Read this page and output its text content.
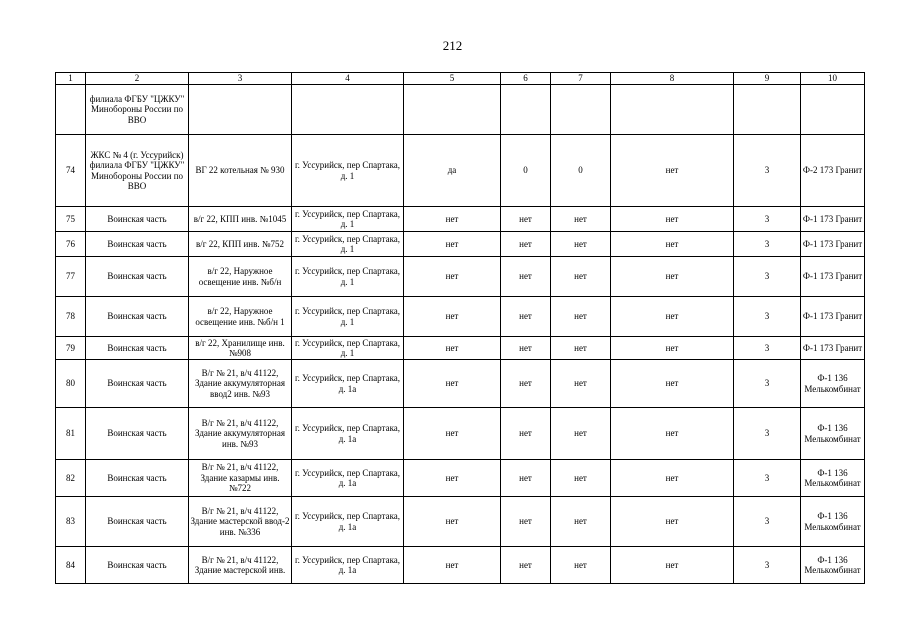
212
1	2	3	4	5	6	7	8	9	10

	филиала ФГБУ "ЦЖКУ" Минобороны России по ВВО								

74	ЖКС № 4 (г. Уссурийск) филиала ФГБУ "ЦЖКУ" Минобороны России по ВВО	ВГ 22 котельная № 930	г. Уссурийск, пер Спартака, д. 1	да	0	0	нет	3	Ф-2 173 Гранит

75	Воинская часть	в/г 22, КПП инв. №1045	г. Уссурийск, пер Спартака, д. 1	нет	нет	нет	нет	3	Ф-1 173 Гранит

76	Воинская часть	в/г 22, КПП инв. №752	г. Уссурийск, пер Спартака, д. 1	нет	нет	нет	нет	3	Ф-1 173 Гранит

77	Воинская часть	в/г 22, Наружное освещение инв. №б/н	г. Уссурийск, пер Спартака, д. 1	нет	нет	нет	нет	3	Ф-1 173 Гранит

78	Воинская часть	в/г 22, Наружное освещение инв. №б/н 1	г. Уссурийск, пер Спартака, д. 1	нет	нет	нет	нет	3	Ф-1 173 Гранит

79	Воинская часть	в/г 22, Хранилище инв. №908	г. Уссурийск, пер Спартака, д. 1	нет	нет	нет	нет	3	Ф-1 173 Гранит

80	Воинская часть	В/г № 21, в/ч 41122, Здание аккумуляторная ввод2 инв. №93	г. Уссурийск, пер Спартака, д. 1а	нет	нет	нет	нет	3	Ф-1 136 Мелькомбинат

81	Воинская часть	В/г № 21, в/ч 41122, Здание аккумуляторная инв. №93	г. Уссурийск, пер Спартака, д. 1а	нет	нет	нет	нет	3	Ф-1 136 Мелькомбинат

82	Воинская часть	В/г № 21, в/ч 41122, Здание казармы инв. №722	г. Уссурийск, пер Спартака, д. 1а	нет	нет	нет	нет	3	Ф-1 136 Мелькомбинат

83	Воинская часть	В/г № 21, в/ч 41122, Здание мастерской ввод-2 инв. №336	г. Уссурийск, пер Спартака, д. 1а	нет	нет	нет	нет	3	Ф-1 136 Мелькомбинат

84	Воинская часть	В/г № 21, в/ч 41122, Здание мастерской инв.	г. Уссурийск, пер Спартака, д. 1а	нет	нет	нет	нет	3	Ф-1 136 Мелькомбинат
